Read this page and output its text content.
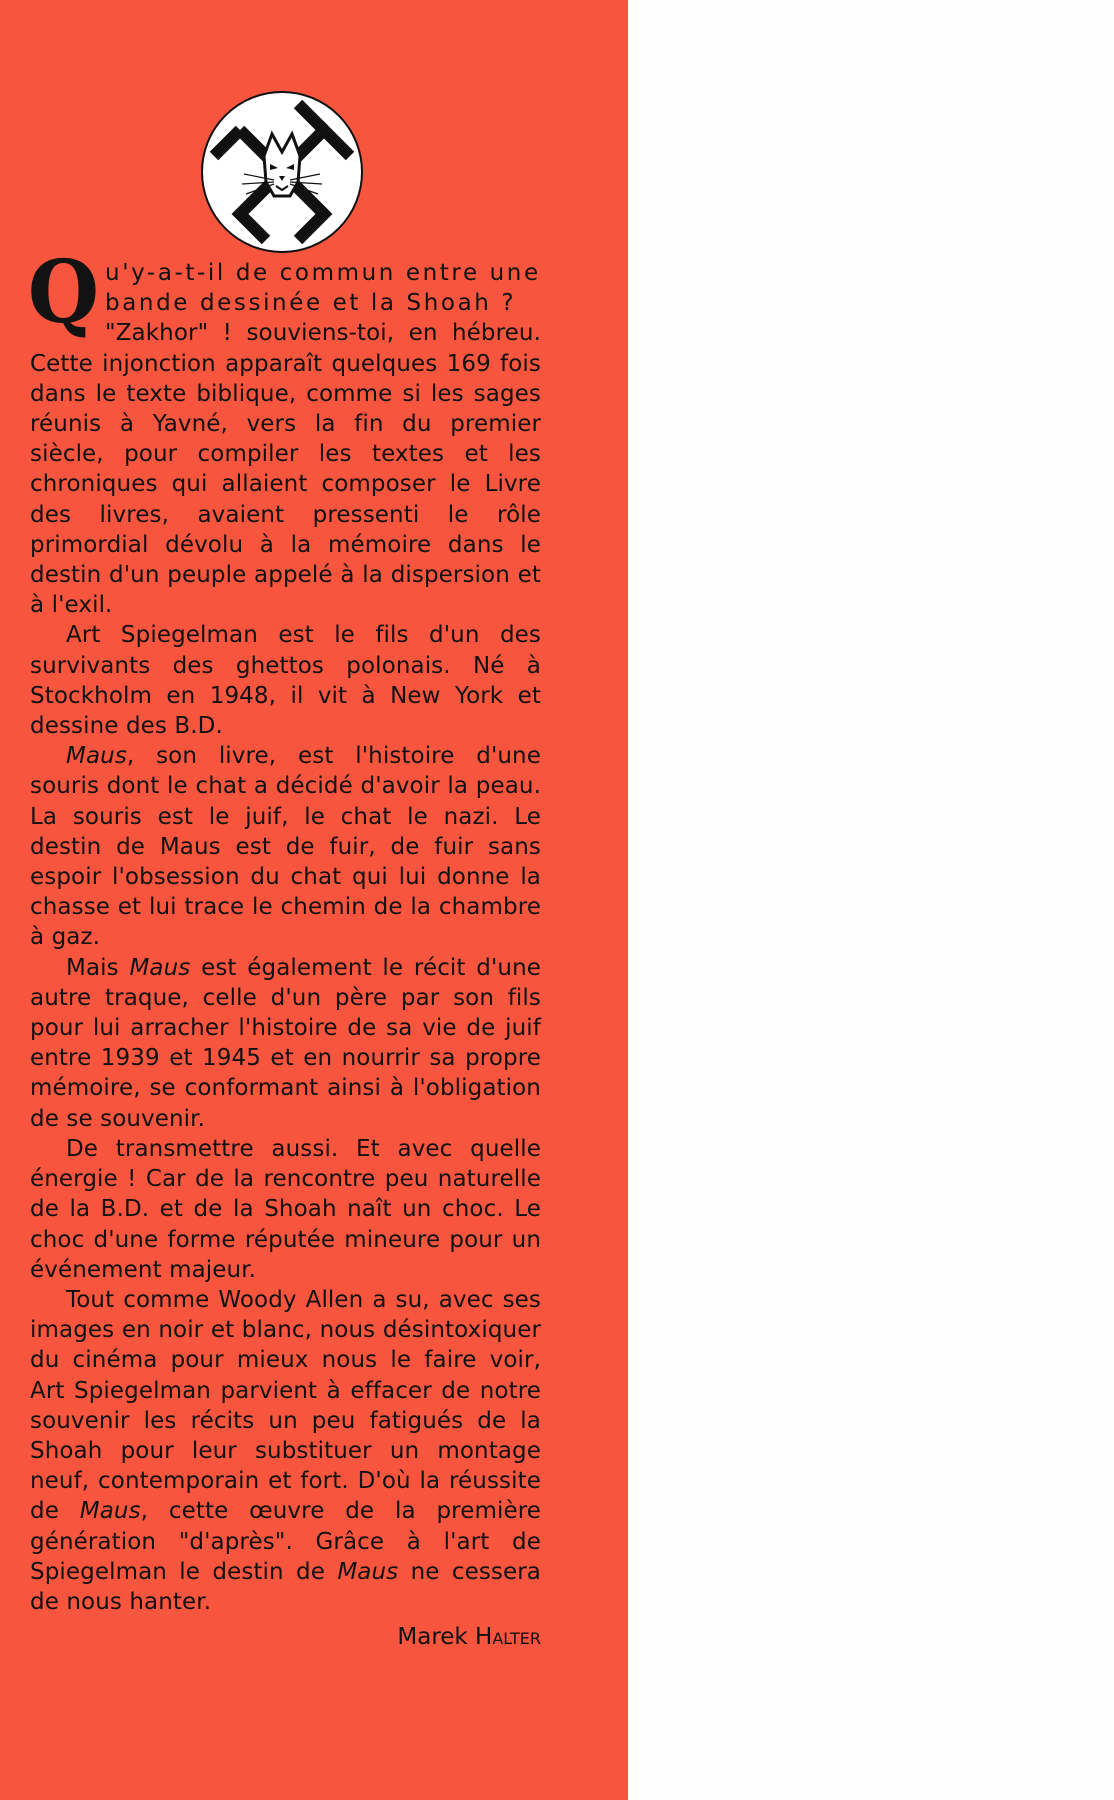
Qu'y-a-t-il de commun entre une
bande dessinée et la Shoah ?
"Zakhor" ! souviens-toi, en hébreu. Cette injonction apparaît quelques 169 fois dans le texte biblique, comme si les sages réunis à Yavné, vers la fin du premier siècle, pour compiler les textes et les chroniques qui allaient composer le Livre des livres, avaient pressenti le rôle primordial dévolu à la mémoire dans le destin d'un peuple appelé à la dispersion et à l'exil.

Art Spiegelman est le fils d'un des survivants des ghettos polonais. Né à Stockholm en 1948, il vit à New York et dessine des B.D.

Maus, son livre, est l'histoire d'une souris dont le chat a décidé d'avoir la peau. La souris est le juif, le chat le nazi. Le destin de Maus est de fuir, de fuir sans espoir l'obsession du chat qui lui donne la chasse et lui trace le chemin de la chambre à gaz.

Mais Maus est également le récit d'une autre traque, celle d'un père par son fils pour lui arracher l'histoire de sa vie de juif entre 1939 et 1945 et en nourrir sa propre mémoire, se conformant ainsi à l'obligation de se souvenir.

De transmettre aussi. Et avec quelle énergie ! Car de la rencontre peu naturelle de la B.D. et de la Shoah naît un choc. Le choc d'une forme réputée mineure pour un événement majeur.

Tout comme Woody Allen a su, avec ses images en noir et blanc, nous désintoxiquer du cinéma pour mieux nous le faire voir, Art Spiegelman parvient à effacer de notre souvenir les récits un peu fatigués de la Shoah pour leur substituer un montage neuf, contemporain et fort. D'où la réussite de Maus, cette œuvre de la première génération "d'après". Grâce à l'art de Spiegelman le destin de Maus ne cessera de nous hanter.

Marek Halter
